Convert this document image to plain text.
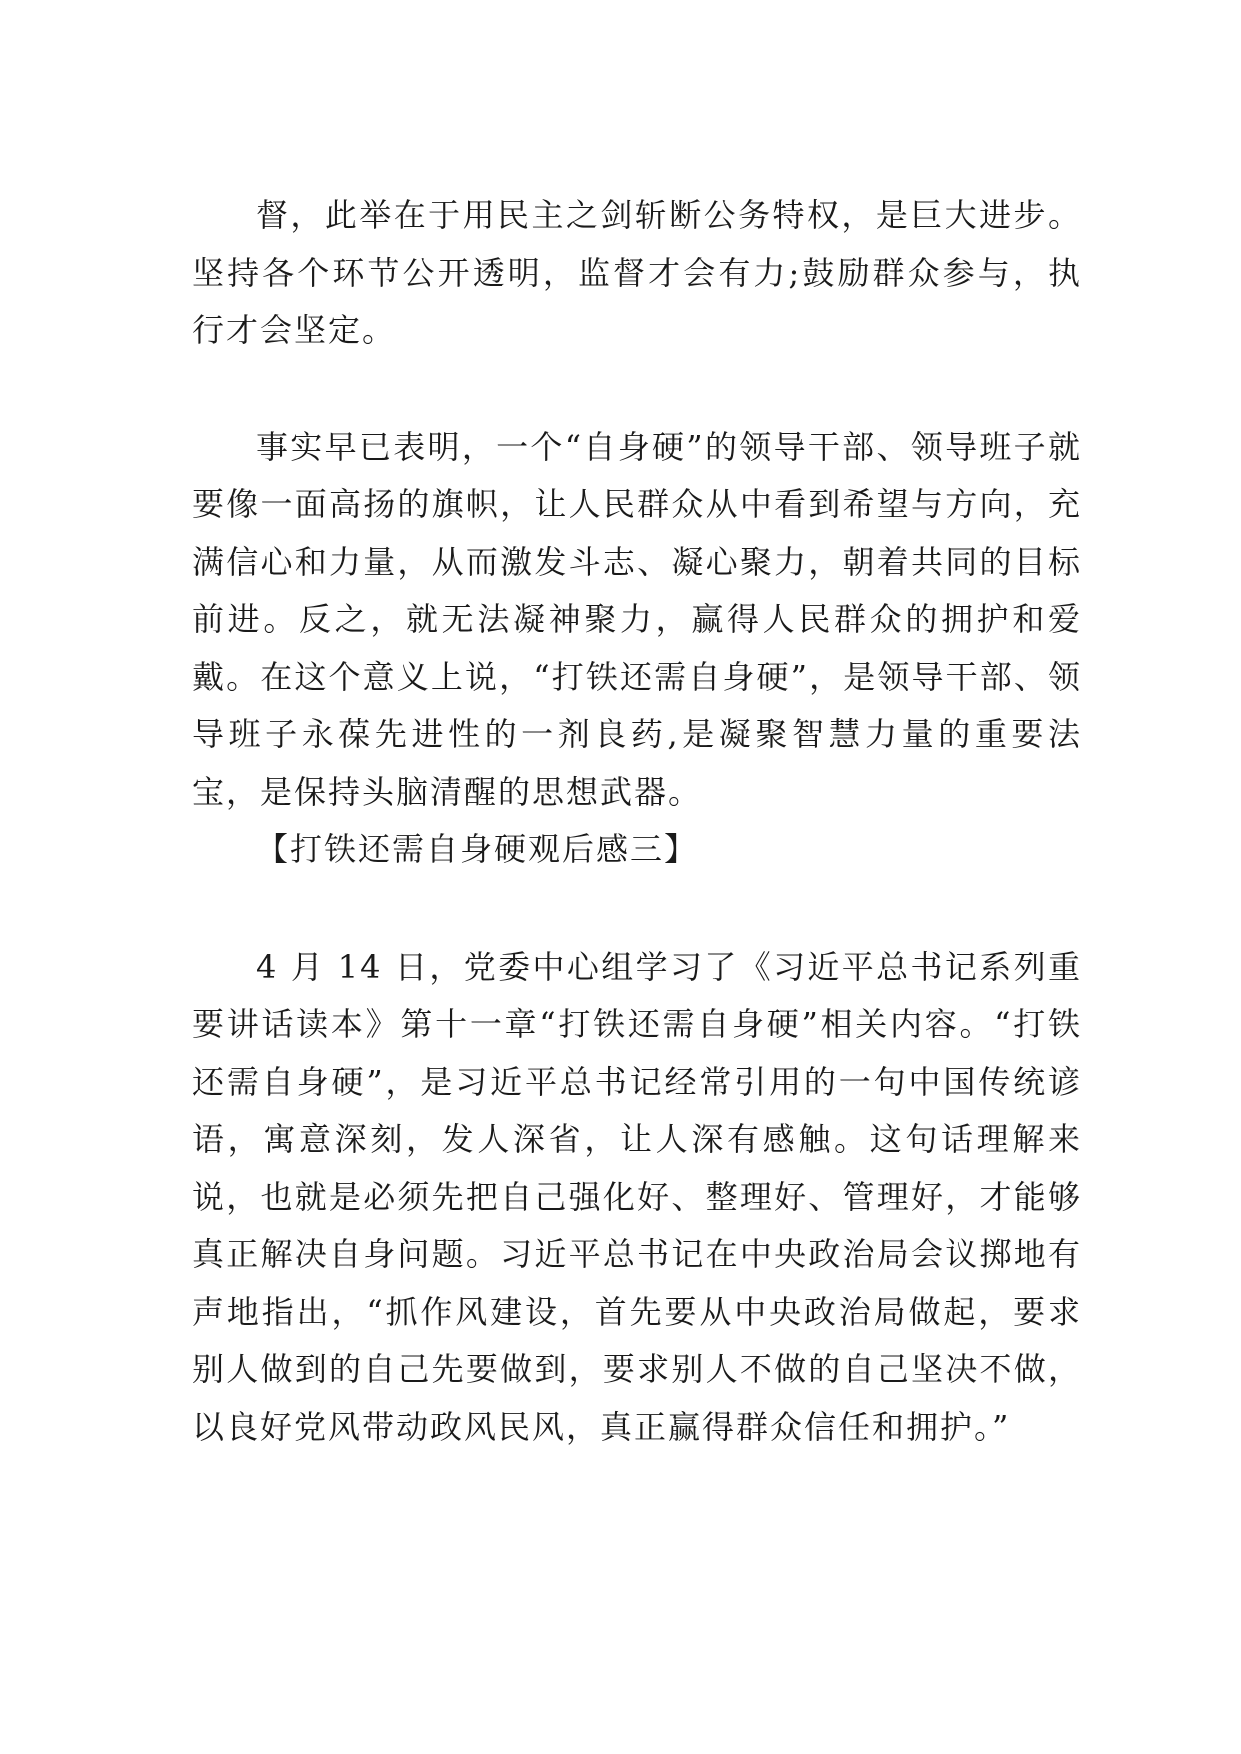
督，此举在于用民主之剑斩断公务特权，是巨大进步。坚持各个环节公开透明，监督才会有力;鼓励群众参与，执行才会坚定。

事实早已表明，一个“自身硬”的领导干部、领导班子就要像一面高扬的旗帜，让人民群众从中看到希望与方向，充满信心和力量，从而激发斗志、凝心聚力，朝着共同的目标前进。反之，就无法凝神聚力，赢得人民群众的拥护和爱戴。在这个意义上说，“打铁还需自身硬”，是领导干部、领导班子永葆先进性的一剂良药,是凝聚智慧力量的重要法宝，是保持头脑清醒的思想武器。

【打铁还需自身硬观后感三】

4 月 14 日，党委中心组学习了《习近平总书记系列重要讲话读本》第十一章“打铁还需自身硬”相关内容。“打铁还需自身硬”，是习近平总书记经常引用的一句中国传统谚语，寓意深刻，发人深省，让人深有感触。这句话理解来说，也就是必须先把自己强化好、整理好、管理好，才能够真正解决自身问题。习近平总书记在中央政治局会议掷地有声地指出，“抓作风建设，首先要从中央政治局做起，要求别人做到的自己先要做到，要求别人不做的自己坚决不做，以良好党风带动政风民风，真正赢得群众信任和拥护。”
